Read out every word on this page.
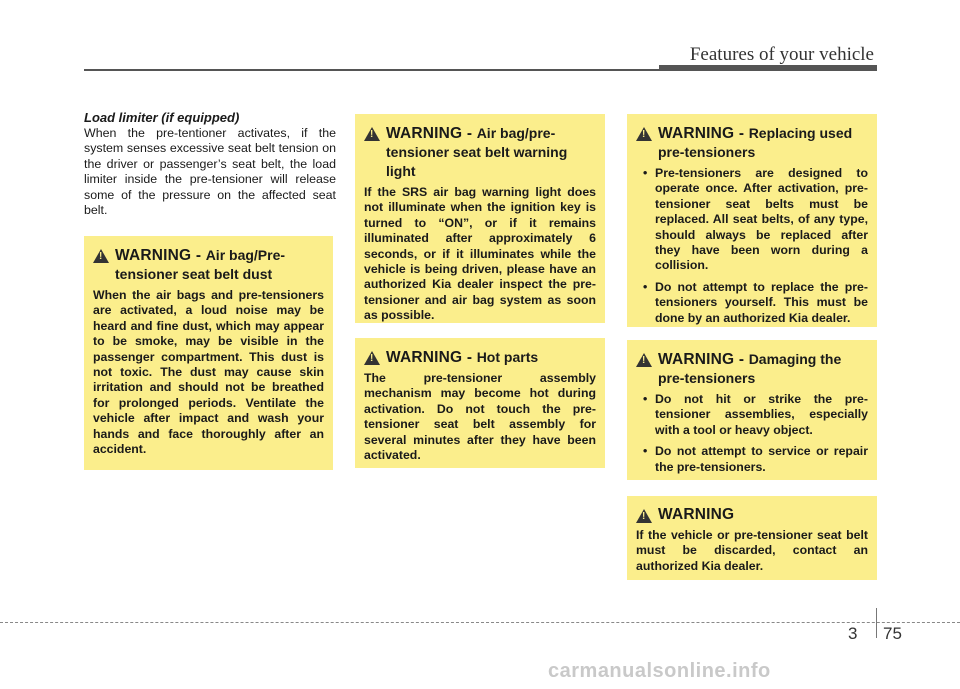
Features of your vehicle
Load limiter (if equipped)
When the pre-tentioner activates, if the system senses excessive seat belt tension on the driver or passenger’s seat belt, the load limiter inside the pre-tensioner will release some of the pressure on the affected seat belt.
!
WARNING - Air bag/Pre-tensioner seat belt dust
When the air bags and pre-tensioners are activated, a loud noise may be heard and fine dust, which may appear to be smoke, may be visible in the passenger compartment. This dust is not toxic. The dust may cause skin irritation and should not be breathed for prolonged periods. Ventilate the vehicle after impact and wash your hands and face thoroughly after an accident.
!
WARNING - Air bag/pre-tensioner seat belt warning light
If the SRS air bag warning light does not illuminate when the ignition key is turned to “ON”, or if it remains illuminated after approximately 6 seconds, or if it illuminates while the vehicle is being driven, please have an authorized Kia dealer inspect the pre-tensioner and air bag system as soon as possible.
!
WARNING - Hot parts
The pre-tensioner assembly mechanism may become hot during activation. Do not touch the pre-tensioner seat belt assembly for several minutes after they have been activated.
!
WARNING - Replacing used pre-tensioners
• Pre-tensioners are designed to operate once. After activation, pre-tensioner seat belts must be replaced. All seat belts, of any type, should always be replaced after they have been worn during a collision.
• Do not attempt to replace the pre-tensioners yourself. This must be done by an authorized Kia dealer.
!
WARNING - Damaging the pre-tensioners
• Do not hit or strike the pre-tensioner assemblies, especially with a tool or heavy object.
• Do not attempt to service or repair the pre-tensioners.
!
WARNING
If the vehicle or pre-tensioner seat belt must be discarded, contact an authorized Kia dealer.
3 75
carmanualsonline.info
